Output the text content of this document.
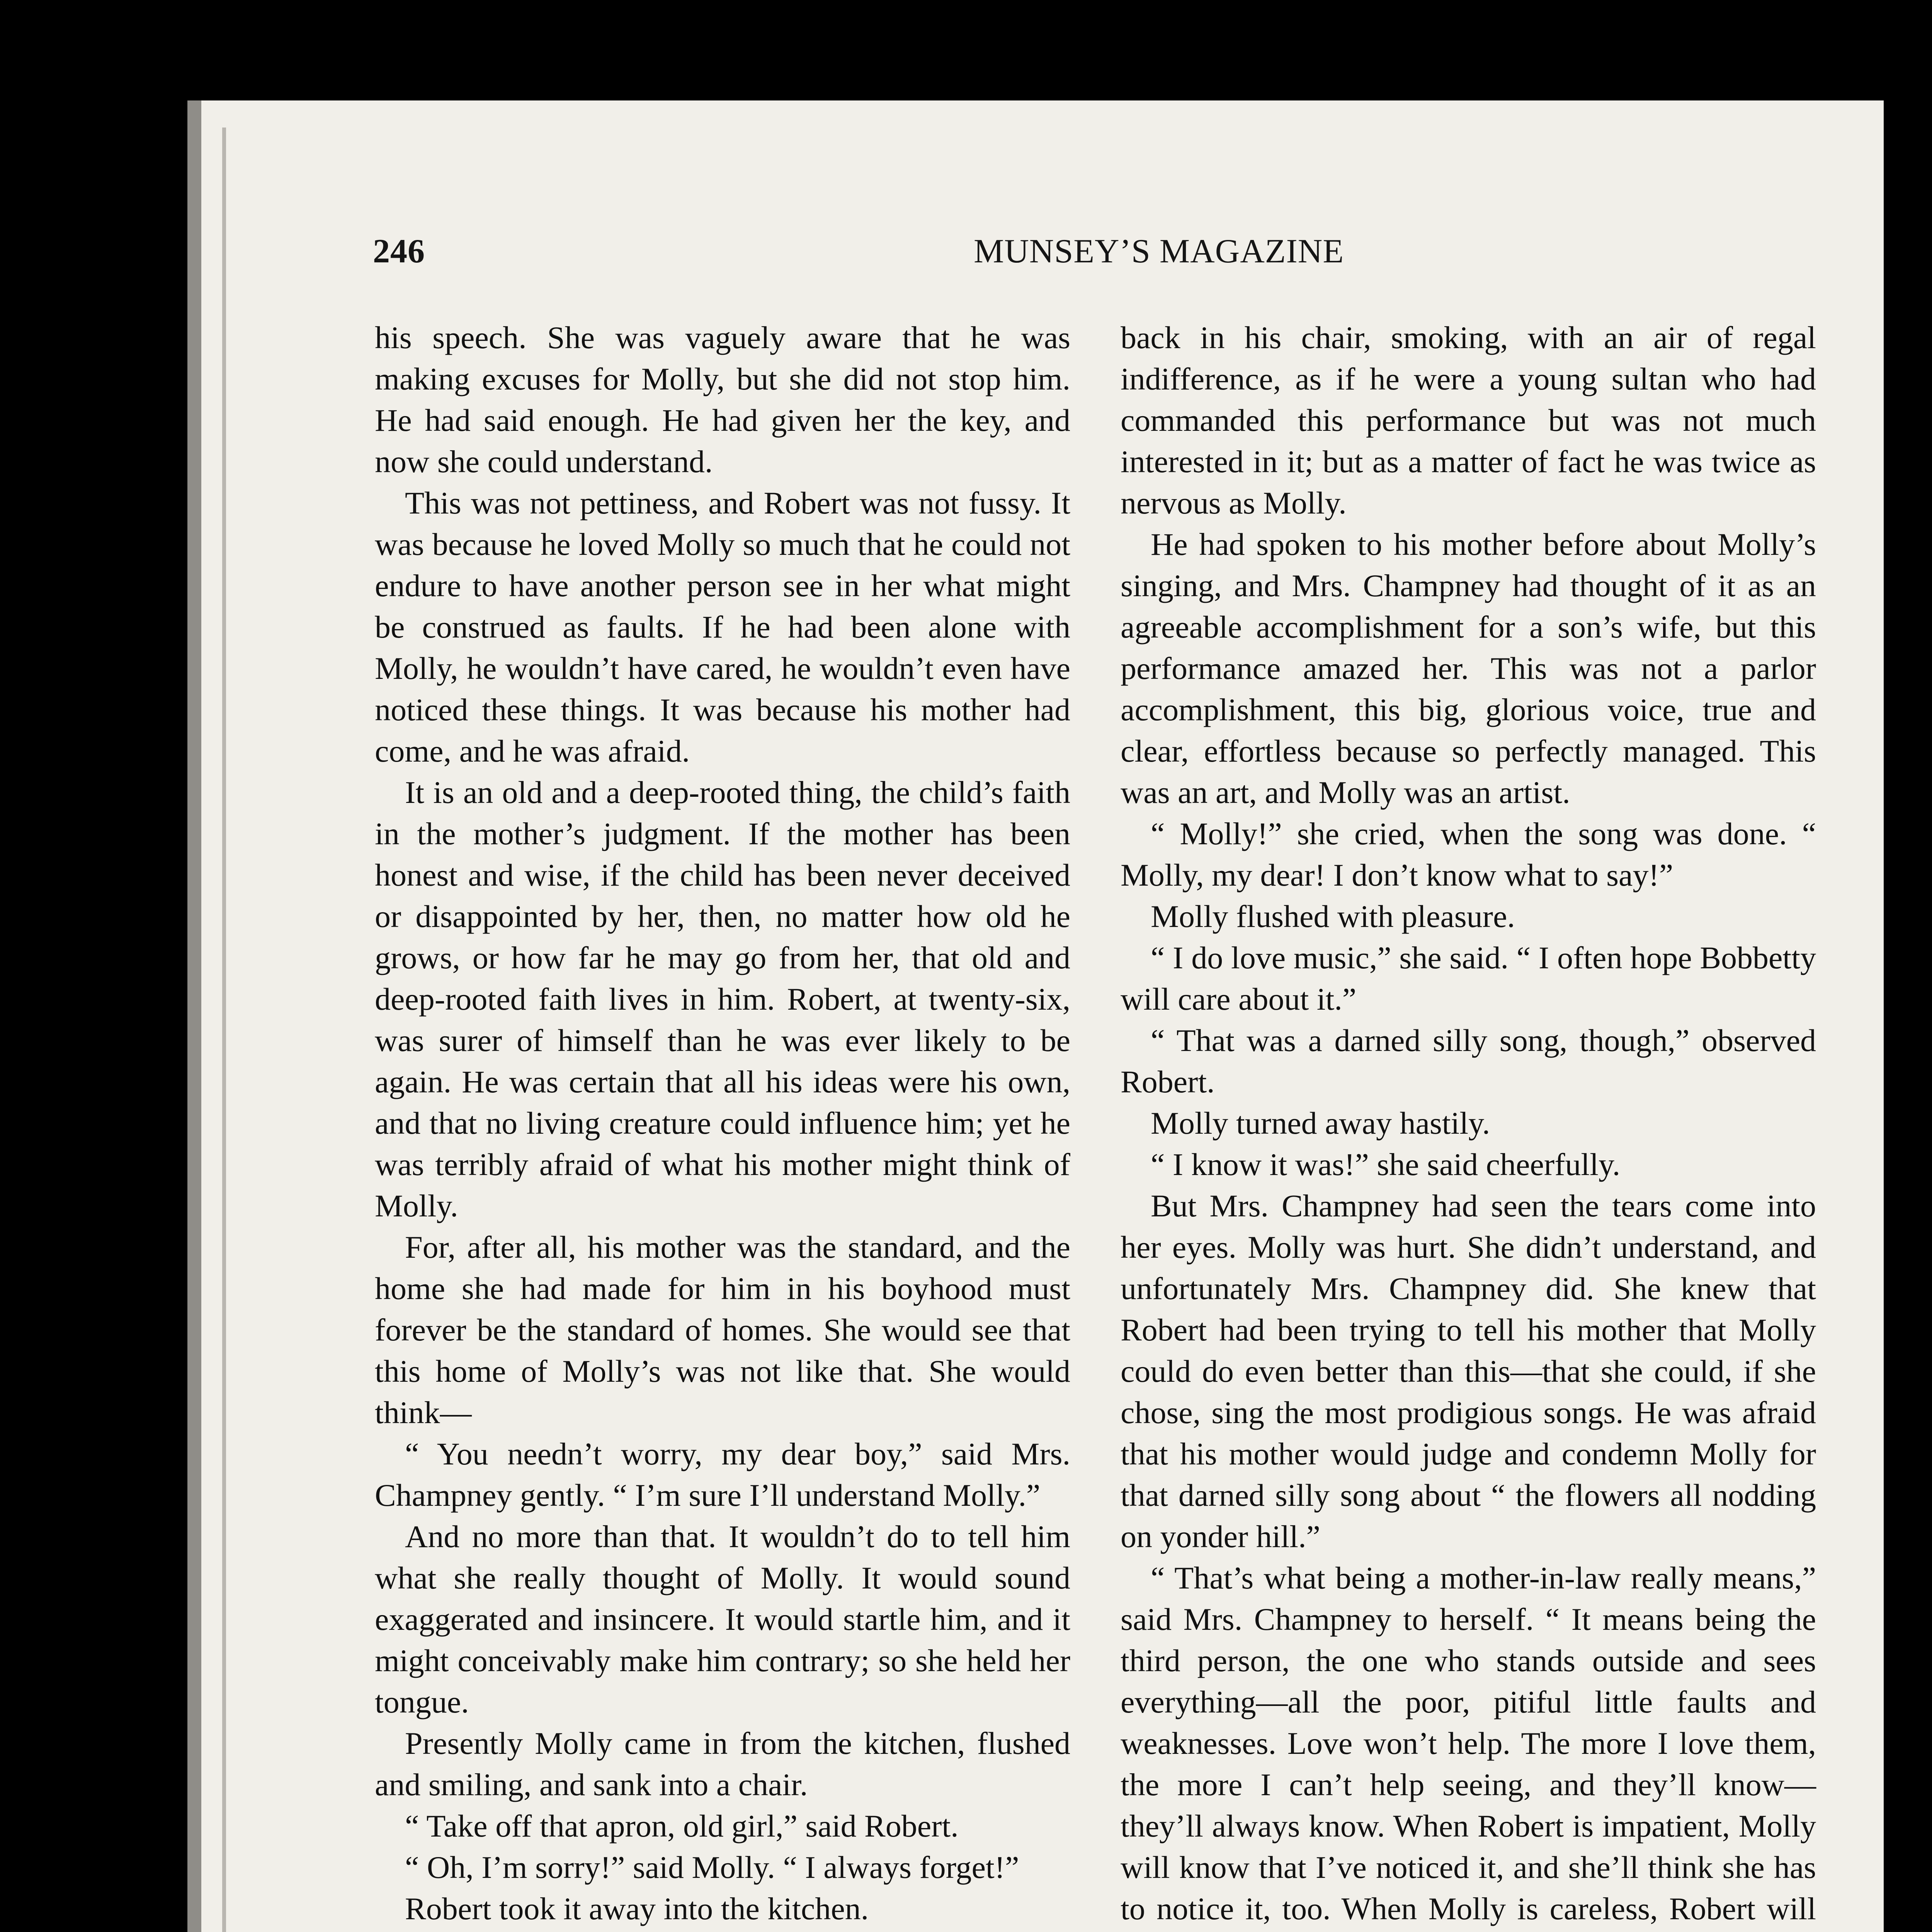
246	MUNSEY’S MAGAZINE

his speech. She was vaguely aware that he was making excuses for Molly, but she did not stop him. He had said enough. He had given her the key, and now she could understand.

This was not pettiness, and Robert was not fussy. It was because he loved Molly so much that he could not endure to have another person see in her what might be construed as faults. If he had been alone with Molly, he wouldn’t have cared, he wouldn’t even have noticed these things. It was because his mother had come, and he was afraid.

It is an old and a deep-rooted thing, the child’s faith in the mother’s judgment. If the mother has been honest and wise, if the child has been never deceived or disappointed by her, then, no matter how old he grows, or how far he may go from her, that old and deep-rooted faith lives in him. Robert, at twenty-six, was surer of himself than he was ever likely to be again. He was certain that all his ideas were his own, and that no living creature could influence him; yet he was terribly afraid of what his mother might think of Molly.

For, after all, his mother was the standard, and the home she had made for him in his boyhood must forever be the standard of homes. She would see that this home of Molly’s was not like that. She would think—

“ You needn’t worry, my dear boy,” said Mrs. Champney gently. “ I’m sure I’ll understand Molly.”

And no more than that. It wouldn’t do to tell him what she really thought of Molly. It would sound exaggerated and insincere. It would startle him, and it might conceivably make him contrary; so she held her tongue.

Presently Molly came in from the kitchen, flushed and smiling, and sank into a chair.

“ Take off that apron, old girl,” said Robert.

“ Oh, I’m sorry!” said Molly. “ I always forget!”

Robert took it away into the kitchen.

back in his chair, smoking, with an air of regal indifference, as if he were a young sultan who had commanded this performance but was not much interested in it; but as a matter of fact he was twice as nervous as Molly.

He had spoken to his mother before about Molly’s singing, and Mrs. Champney had thought of it as an agreeable accomplishment for a son’s wife, but this performance amazed her. This was not a parlor accomplishment, this big, glorious voice, true and clear, effortless because so perfectly managed. This was an art, and Molly was an artist.

“ Molly!” she cried, when the song was done. “ Molly, my dear! I don’t know what to say!”

Molly flushed with pleasure.

“ I do love music,” she said. “ I often hope Bobbetty will care about it.”

“ That was a darned silly song, though,” observed Robert.

Molly turned away hastily.

“ I know it was!” she said cheerfully.

But Mrs. Champney had seen the tears come into her eyes. Molly was hurt. She didn’t understand, and unfortunately Mrs. Champney did. She knew that Robert had been trying to tell his mother that Molly could do even better than this—that she could, if she chose, sing the most prodigious songs. He was afraid that his mother would judge and condemn Molly for that darned silly song about “ the flowers all nodding on yonder hill.”

“ That’s what being a mother-in-law really means,” said Mrs. Champney to herself. “ It means being the third person, the one who stands outside and sees everything—all the poor, pitiful little faults and weaknesses. Love won’t help. The more I love them, the more I can’t help seeing, and they’ll know—they’ll always know. When Robert is impatient, Molly will know that I’ve noticed it, and she’ll think she has to notice it, too. When Molly is careless, Robert will
